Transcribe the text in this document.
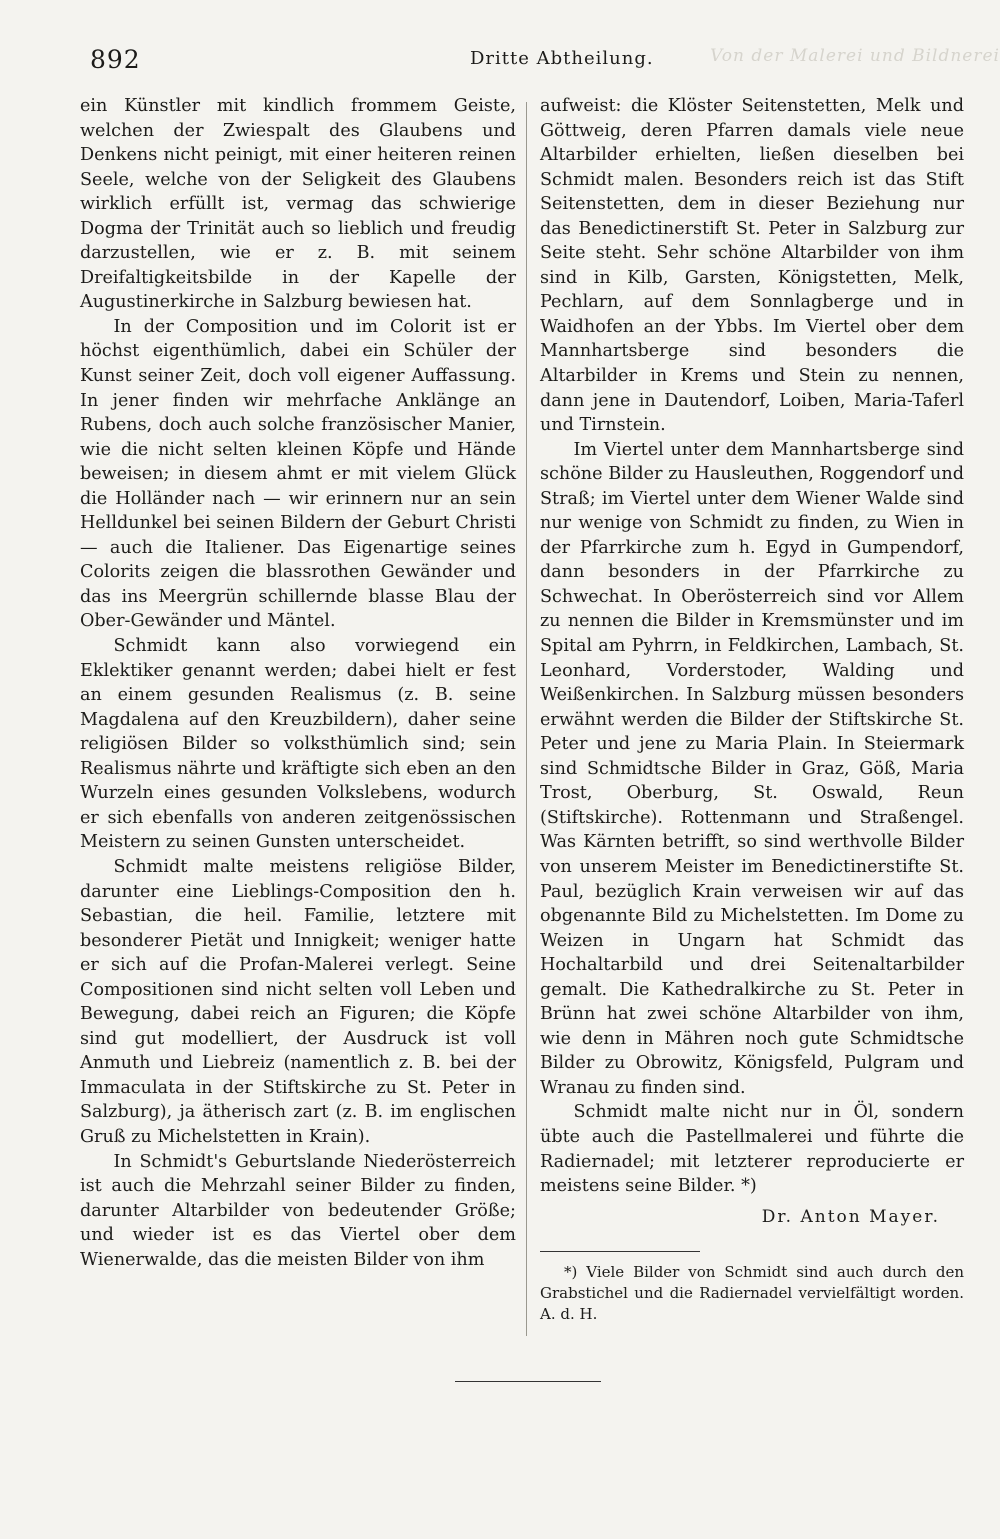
Von der Malerei und Bildnerei
892	Dritte Abtheilung.

ein Künstler mit kindlich frommem Geiste, welchen der Zwiespalt des Glaubens und Denkens nicht peinigt, mit einer heiteren reinen Seele, welche von der Seligkeit des Glaubens wirklich erfüllt ist, vermag das schwierige Dogma der Trinität auch so lieblich und freudig darzustellen, wie er z. B. mit seinem Dreifaltigkeitsbilde in der Kapelle der Augustinerkirche in Salzburg bewiesen hat.

In der Composition und im Colorit ist er höchst eigenthümlich, dabei ein Schüler der Kunst seiner Zeit, doch voll eigener Auffassung. In jener finden wir mehrfache Anklänge an Rubens, doch auch solche französischer Manier, wie die nicht selten kleinen Köpfe und Hände beweisen; in diesem ahmt er mit vielem Glück die Holländer nach — wir erinnern nur an sein Helldunkel bei seinen Bildern der Geburt Christi — auch die Italiener. Das Eigenartige seines Colorits zeigen die blassrothen Gewänder und das ins Meergrün schillernde blasse Blau der Ober-Gewänder und Mäntel.

Schmidt kann also vorwiegend ein Eklektiker genannt werden; dabei hielt er fest an einem gesunden Realismus (z. B. seine Magdalena auf den Kreuzbildern), daher seine religiösen Bilder so volksthümlich sind; sein Realismus nährte und kräftigte sich eben an den Wurzeln eines gesunden Volkslebens, wodurch er sich ebenfalls von anderen zeitgenössischen Meistern zu seinen Gunsten unterscheidet.

Schmidt malte meistens religiöse Bilder, darunter eine Lieblings-Composition den h. Sebastian, die heil. Familie, letztere mit besonderer Pietät und Innigkeit; weniger hatte er sich auf die Profan-Malerei verlegt. Seine Compositionen sind nicht selten voll Leben und Bewegung, dabei reich an Figuren; die Köpfe sind gut modelliert, der Ausdruck ist voll Anmuth und Liebreiz (namentlich z. B. bei der Immaculata in der Stiftskirche zu St. Peter in Salzburg), ja ätherisch zart (z. B. im englischen Gruß zu Michelstetten in Krain).

In Schmidt's Geburtslande Niederösterreich ist auch die Mehrzahl seiner Bilder zu finden, darunter Altarbilder von bedeutender Größe; und wieder ist es das Viertel ober dem Wienerwalde, das die meisten Bilder von ihm

aufweist: die Klöster Seitenstetten, Melk und Göttweig, deren Pfarren damals viele neue Altarbilder erhielten, ließen dieselben bei Schmidt malen. Besonders reich ist das Stift Seitenstetten, dem in dieser Beziehung nur das Benedictinerstift St. Peter in Salzburg zur Seite steht. Sehr schöne Altarbilder von ihm sind in Kilb, Garsten, Königstetten, Melk, Pechlarn, auf dem Sonnlagberge und in Waidhofen an der Ybbs. Im Viertel ober dem Mannhartsberge sind besonders die Altarbilder in Krems und Stein zu nennen, dann jene in Dautendorf, Loiben, Maria-Taferl und Tirnstein.

Im Viertel unter dem Mannhartsberge sind schöne Bilder zu Hausleuthen, Roggendorf und Straß; im Viertel unter dem Wiener Walde sind nur wenige von Schmidt zu finden, zu Wien in der Pfarrkirche zum h. Egyd in Gumpendorf, dann besonders in der Pfarrkirche zu Schwechat. In Oberösterreich sind vor Allem zu nennen die Bilder in Kremsmünster und im Spital am Pyhrrn, in Feldkirchen, Lambach, St. Leonhard, Vorderstoder, Walding und Weißenkirchen. In Salzburg müssen besonders erwähnt werden die Bilder der Stiftskirche St. Peter und jene zu Maria Plain. In Steiermark sind Schmidtsche Bilder in Graz, Göß, Maria Trost, Oberburg, St. Oswald, Reun (Stiftskirche). Rottenmann und Straßengel. Was Kärnten betrifft, so sind werthvolle Bilder von unserem Meister im Benedictinerstifte St. Paul, bezüglich Krain verweisen wir auf das obgenannte Bild zu Michelstetten. Im Dome zu Weizen in Ungarn hat Schmidt das Hochaltarbild und drei Seitenaltarbilder gemalt. Die Kathedralkirche zu St. Peter in Brünn hat zwei schöne Altarbilder von ihm, wie denn in Mähren noch gute Schmidtsche Bilder zu Obrowitz, Königsfeld, Pulgram und Wranau zu finden sind.

Schmidt malte nicht nur in Öl, sondern übte auch die Pastellmalerei und führte die Radiernadel; mit letzterer reproducierte er meistens seine Bilder. *)

Dr. Anton Mayer.
*) Viele Bilder von Schmidt sind auch durch den Grabstichel und die Radiernadel vervielfältigt worden. A. d. H.
